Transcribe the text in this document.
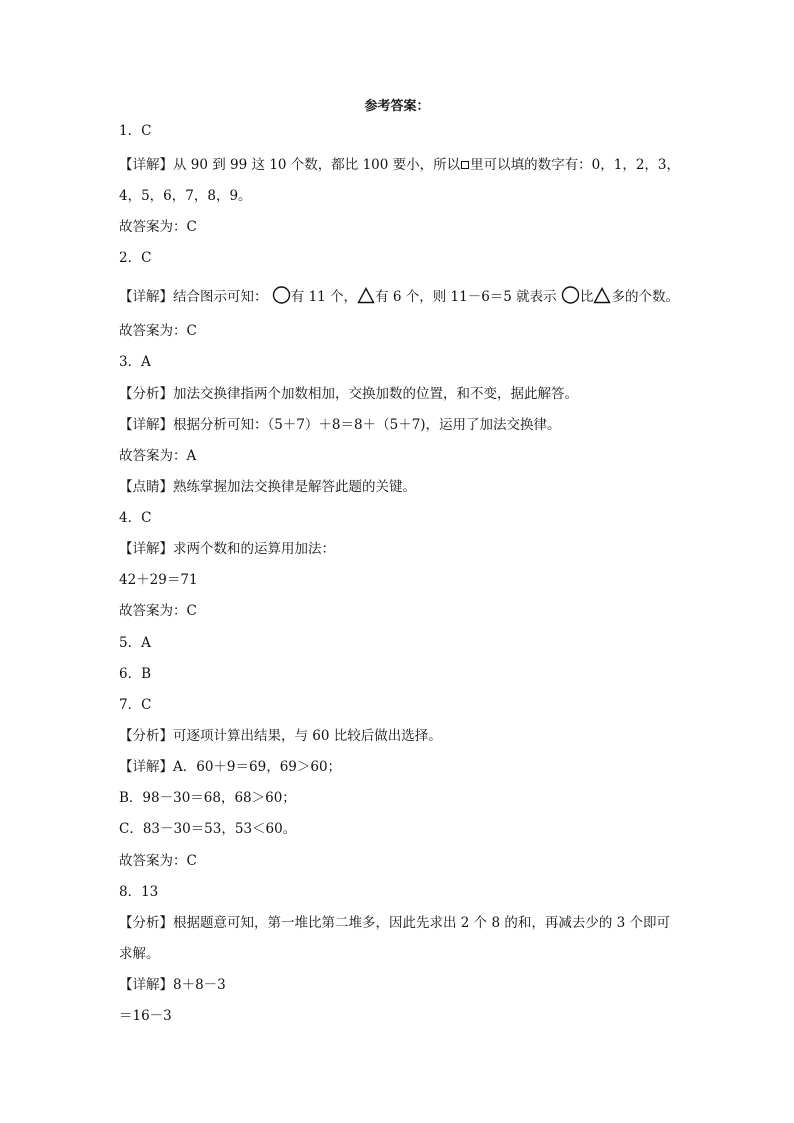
参考答案：
1．C
【详解】从 90 到 99 这 10 个数，都比 100 要小，所以 里可以填的数字有：0，1，2，3，
4，5，6，7，8，9。
故答案为：C
2．C
【详解】结合图示可知： 有 11 个， 有 6 个，则 11－6＝5 就表示 比 多的个数。
故答案为：C
3．A
【分析】加法交换律指两个加数相加，交换加数的位置，和不变，据此解答。
【详解】根据分析可知：（5＋7）＋8＝8＋（5＋7)，运用了加法交换律。
故答案为：A
【点睛】熟练掌握加法交换律是解答此题的关键。
4．C
【详解】求两个数和的运算用加法：
42＋29＝71
故答案为：C
5．A
6．B
7．C
【分析】可逐项计算出结果，与 60 比较后做出选择。
【详解】A．60＋9＝69，69＞60；
B．98－30＝68，68＞60；
C．83－30＝53，53＜60。
故答案为：C
8．13
【分析】根据题意可知，第一堆比第二堆多，因此先求出 2 个 8 的和，再减去少的 3 个即可
求解。
【详解】8＋8－3
＝16－3
